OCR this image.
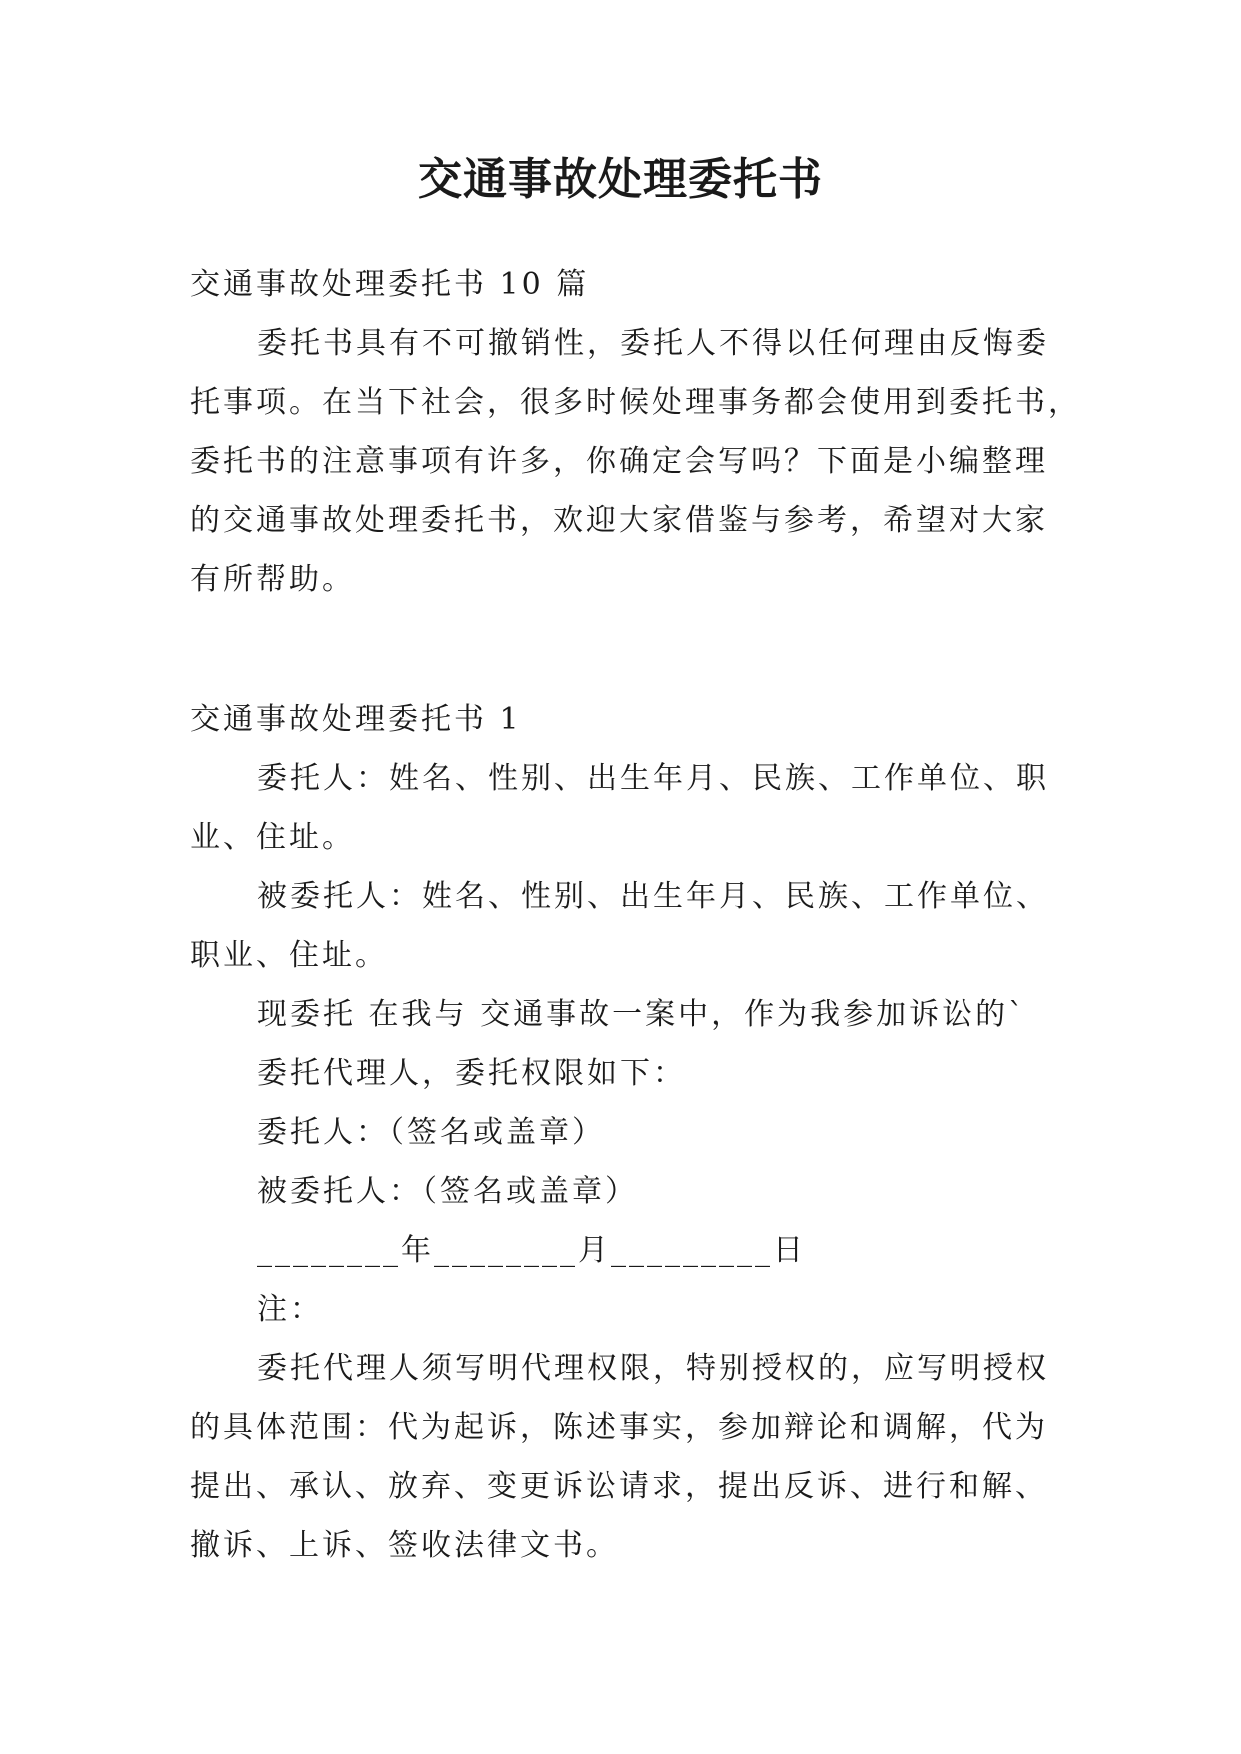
交通事故处理委托书
交通事故处理委托书 10 篇
委托书具有不可撤销性，委托人不得以任何理由反悔委
托事项。在当下社会，很多时候处理事务都会使用到委托书，
委托书的注意事项有许多，你确定会写吗？下面是小编整理
的交通事故处理委托书，欢迎大家借鉴与参考，希望对大家
有所帮助。
交通事故处理委托书 1
委托人：姓名、性别、出生年月、民族、工作单位、职
业、住址。
被委托人：姓名、性别、出生年月、民族、工作单位、
职业、住址。
现委托 在我与 交通事故一案中，作为我参加诉讼的`
委托代理人，委托权限如下：
委托人：（签名或盖章）
被委托人：（签名或盖章）
________年________月_________日
注：
委托代理人须写明代理权限，特别授权的，应写明授权
的具体范围：代为起诉，陈述事实，参加辩论和调解，代为
提出、承认、放弃、变更诉讼请求，提出反诉、进行和解、
撤诉、上诉、签收法律文书。
